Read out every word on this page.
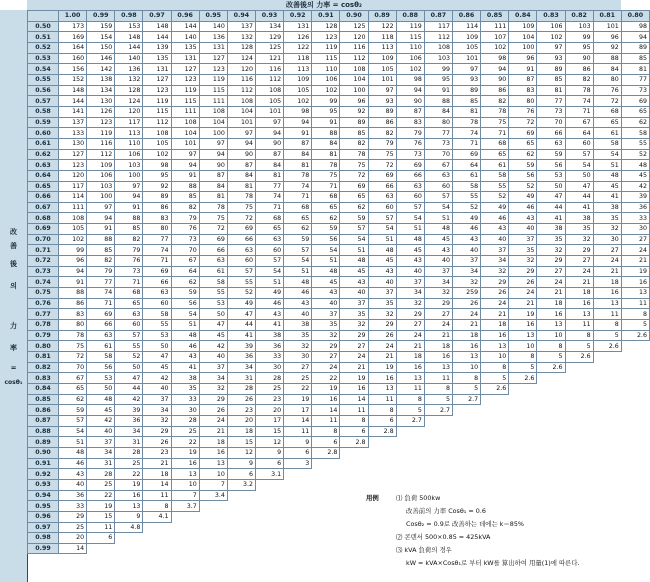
改善後의 力率 = cosθ₂
改
善
後
의
力
率
=
cosθ₁
	1.00	0.99	0.98	0.97	0.96	0.95	0.94	0.93	0.92	0.91	0.90	0.89	0.88	0.87	0.86	0.85	0.84	0.83	0.82	0.81	0.80
0.50	173	159	153	148	144	140	137	134	131	128	125	122	119	117	114	111	109	106	103	101	98
0.51	169	154	148	144	140	136	132	129	126	123	120	118	115	112	109	107	104	102	99	96	94
0.52	164	150	144	139	135	131	128	125	122	119	116	113	110	108	105	102	100	97	95	92	89
0.53	160	146	140	135	131	127	124	121	118	115	112	109	106	103	101	98	96	93	90	88	85
0.54	156	142	136	131	127	123	120	116	113	110	108	105	102	99	97	94	91	89	86	84	81
0.55	152	138	132	127	123	119	116	112	109	106	104	101	98	95	93	90	87	85	82	80	77
0.56	148	134	128	123	119	115	112	108	105	102	100	97	94	91	89	86	83	81	78	76	73
0.57	144	130	124	119	115	111	108	105	102	99	96	93	90	88	85	82	80	77	74	72	69
0.58	141	126	120	115	111	108	104	101	98	95	92	89	87	84	81	78	76	73	71	68	65
0.59	137	123	117	112	108	104	101	97	94	91	89	86	83	80	78	75	72	70	67	65	62
0.60	133	119	113	108	104	100	97	94	91	88	85	82	79	77	74	71	69	66	64	61	58
0.61	130	116	110	105	101	97	94	90	87	84	82	79	76	73	71	68	65	63	60	58	55
0.62	127	112	106	102	97	94	90	87	84	81	78	75	73	70	69	65	62	59	57	54	52
0.63	123	109	103	98	94	90	87	84	81	78	75	72	69	67	64	61	59	56	54	51	48
0.64	120	106	100	95	91	87	84	81	78	75	72	69	66	63	61	58	56	53	50	48	45
0.65	117	103	97	92	88	84	81	77	74	71	69	66	63	60	58	55	52	50	47	45	42
0.66	114	100	94	89	85	81	78	74	71	68	65	63	60	57	55	52	49	47	44	41	39
0.67	111	97	91	86	82	78	75	71	68	65	62	60	57	54	52	49	46	44	41	38	36
0.68	108	94	88	83	79	75	72	68	65	62	59	57	54	51	49	46	43	41	38	35	33
0.69	105	91	85	80	76	72	69	65	62	59	57	54	51	48	46	43	40	38	35	32	30
0.70	102	88	82	77	73	69	66	63	59	56	54	51	48	45	43	40	37	35	32	30	27
0.71	99	85	79	74	70	66	63	60	57	54	51	48	45	43	40	37	35	32	29	27	24
0.72	96	82	76	71	67	63	60	57	54	51	48	45	43	40	37	34	32	29	27	24	21
0.73	94	79	73	69	64	61	57	54	51	48	45	43	40	37	34	32	29	27	24	21	19
0.74	91	77	71	66	62	58	55	51	48	45	43	40	37	34	32	29	26	24	21	18	16
0.75	88	74	68	63	59	55	52	49	46	43	40	37	34	32	259	26	24	21	18	16	13
0.76	86	71	65	60	56	53	49	46	43	40	37	35	32	29	26	24	21	18	16	13	11
0.77	83	69	63	58	54	50	47	43	40	37	35	32	29	27	24	21	19	16	13	11	8
0.78	80	66	60	55	51	47	44	41	38	35	32	29	27	24	21	18	16	13	11	8	5
0.79	78	63	57	53	48	45	41	38	35	32	29	26	24	21	18	16	13	10	8	5	2.6
0.80	75	61	55	50	46	42	39	36	32	29	27	24	21	18	16	13	10	8	5	2.6	
0.81	72	58	52	47	43	40	36	33	30	27	24	21	18	16	13	10	8	5	2.6		
0.82	70	56	50	45	41	37	34	30	27	24	21	19	16	13	10	8	5	2.6			
0.83	67	53	47	42	38	34	31	28	25	22	19	16	13	11	8	5	2.6				
0.84	65	50	44	40	35	32	28	25	22	19	16	13	11	8	5	2.6					
0.85	62	48	42	37	33	29	26	23	19	16	14	11	8	5	2.7						
0.86	59	45	39	34	30	26	23	20	17	14	11	8	5	2.7							
0.87	57	42	36	32	28	24	20	17	14	11	8	6	2.7								
0.88	54	40	34	29	25	21	18	15	11	8	6	2.8									
0.89	51	37	31	26	22	18	15	12	9	6	2.8										
0.90	48	34	28	23	19	16	12	9	6	2.8											
0.91	46	31	25	21	16	13	9	6	3												
0.92	43	28	22	18	13	10	6	3.1													
0.93	40	25	19	14	10	7	3.2														
0.94	36	22	16	11	7	3.4															
0.95	33	19	13	8	3.7																
0.96	29	15	9	4.1																	
0.97	25	11	4.8																		
0.98	20	6																			
0.99	14																				
用例	⑴ 負荷 500kw
改善前의 力率 Cosθ₁ = 0.6
Cosθ₂ = 0.9로 改善하는 데에는 k＝85%
⑵ 콘덴서 500×0.85 = 425kVA
⑶ kVA 負荷의 경우
kW = kVA×Cosθ₁로 부터 kW를 算出하여 用量(1)에 따른다.
